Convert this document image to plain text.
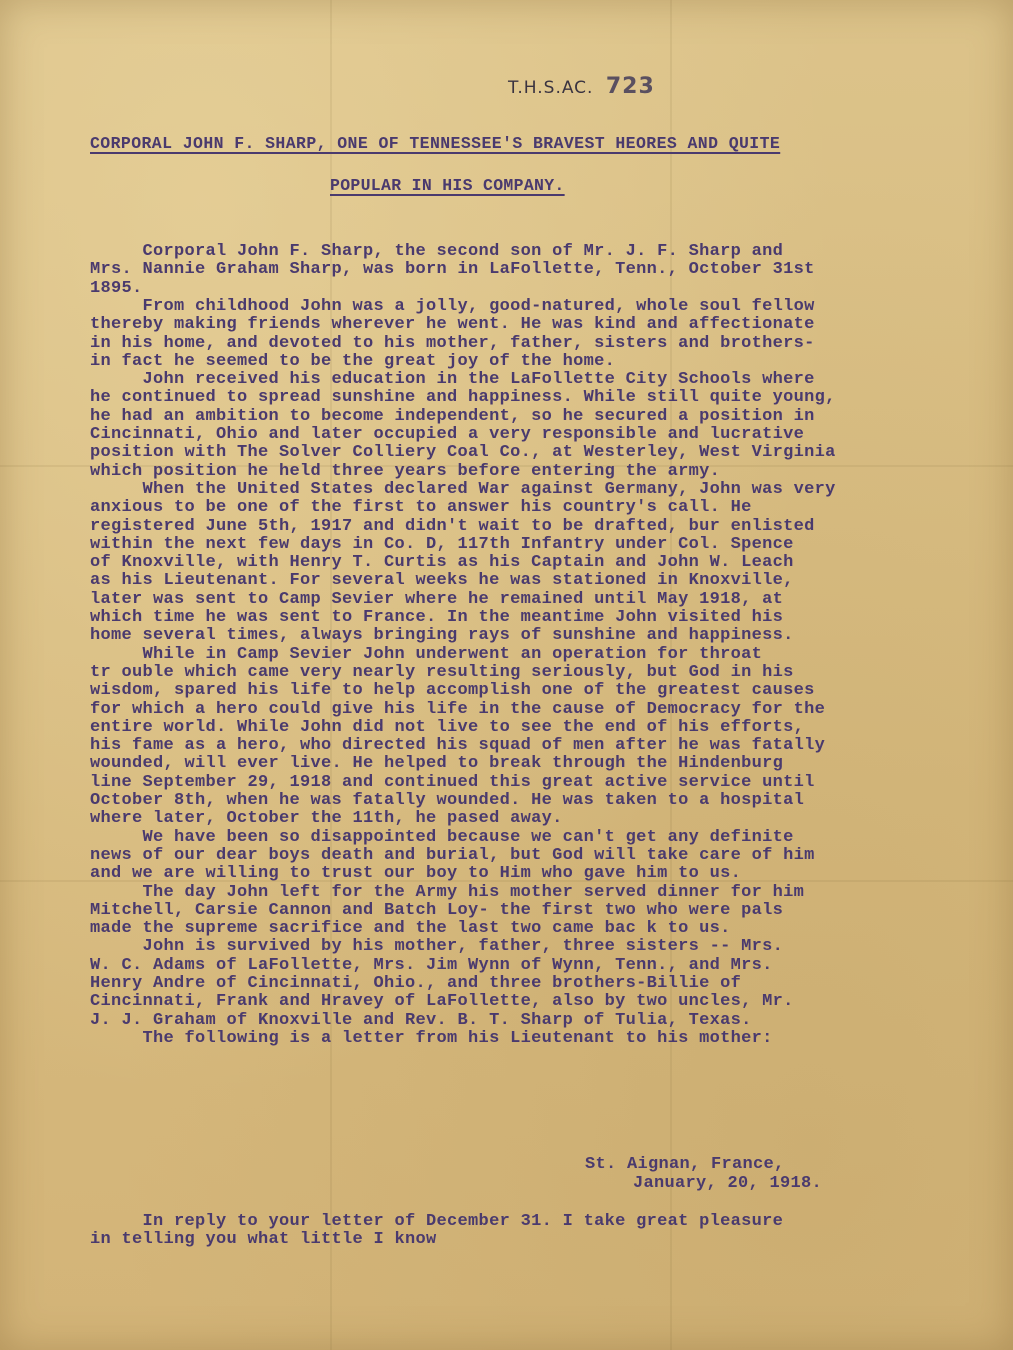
T.H.S.AC. 723
CORPORAL JOHN F. SHARP, ONE OF TENNESSEE'S BRAVEST HEORES AND QUITE
POPULAR IN HIS COMPANY.
Corporal John F. Sharp, the second son of Mr. J. F. Sharp and
Mrs. Nannie Graham Sharp, was born in LaFollette, Tenn., October 31st
1895.
From childhood John was a jolly, good-natured, whole soul fellow
thereby making friends wherever he went. He was kind and affectionate
in his home, and devoted to his mother, father, sisters and brothers-
in fact he seemed to be the great joy of the home.
John received his education in the LaFollette City Schools where
he continued to spread sunshine and happiness. While still quite young,
he had an ambition to become independent, so he secured a position in
Cincinnati, Ohio and later occupied a very responsible and lucrative
position with The Solver Colliery Coal Co., at Westerley, West Virginia
which position he held three years before entering the army.
When the United States declared War against Germany, John was very
anxious to be one of the first to answer his country's call. He
registered June 5th, 1917 and didn't wait to be drafted, bur enlisted
within the next few days in Co. D, 117th Infantry under Col. Spence
of Knoxville, with Henry T. Curtis as his Captain and John W. Leach
as his Lieutenant. For several weeks he was stationed in Knoxville,
later was sent to Camp Sevier where he remained until May 1918, at
which time he was sent to France. In the meantime John visited his
home several times, always bringing rays of sunshine and happiness.
While in Camp Sevier John underwent an operation for throat
tr ouble which came very nearly resulting seriously, but God in his
wisdom, spared his life to help accomplish one of the greatest causes
for which a hero could give his life in the cause of Democracy for the
entire world. While John did not live to see the end of his efforts,
his fame as a hero, who directed his squad of men after he was fatally
wounded, will ever live. He helped to break through the Hindenburg
line September 29, 1918 and continued this great active service until
October 8th, when he was fatally wounded. He was taken to a hospital
where later, October the 11th, he pased away.
We have been so disappointed because we can't get any definite
news of our dear boys death and burial, but God will take care of him
and we are willing to trust our boy to Him who gave him to us.
The day John left for the Army his mother served dinner for him
Mitchell, Carsie Cannon and Batch Loy- the first two who were pals
made the supreme sacrifice and the last two came bac k to us.
John is survived by his mother, father, three sisters -- Mrs.
W. C. Adams of LaFollette, Mrs. Jim Wynn of Wynn, Tenn., and Mrs.
Henry Andre of Cincinnati, Ohio., and three brothers-Billie of
Cincinnati, Frank and Hravey of LaFollette, also by two uncles, Mr.
J. J. Graham of Knoxville and Rev. B. T. Sharp of Tulia, Texas.
The following is a letter from his Lieutenant to his mother:
St. Aignan, France,
January, 20, 1918.
In reply to your letter of December 31. I take great pleasure
in telling you what little I know
